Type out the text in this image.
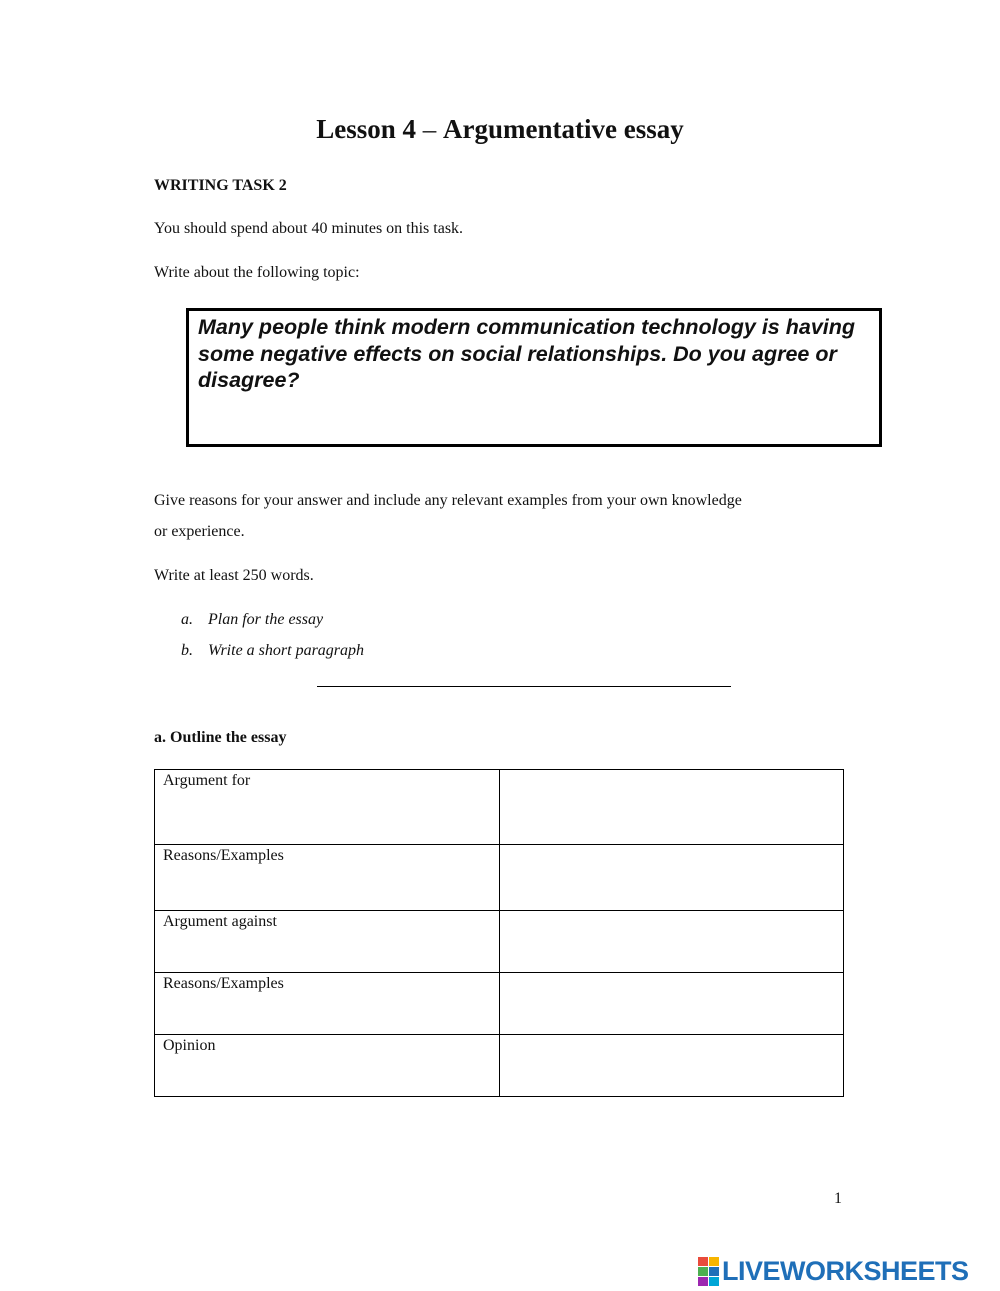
Lesson 4 – Argumentative essay
WRITING TASK 2
You should spend about 40 minutes on this task.
Write about the following topic:
Many people think modern communication technology is having some negative effects on social relationships. Do you agree or disagree?
Give reasons for your answer and include any relevant examples from your own knowledge
or experience.
Write at least 250 words.
a. Plan for the essay
b. Write a short paragraph
a. Outline the essay
Argument for	
Reasons/Examples	
Argument against	
Reasons/Examples	
Opinion	
1
LIVEWORKSHEETS
